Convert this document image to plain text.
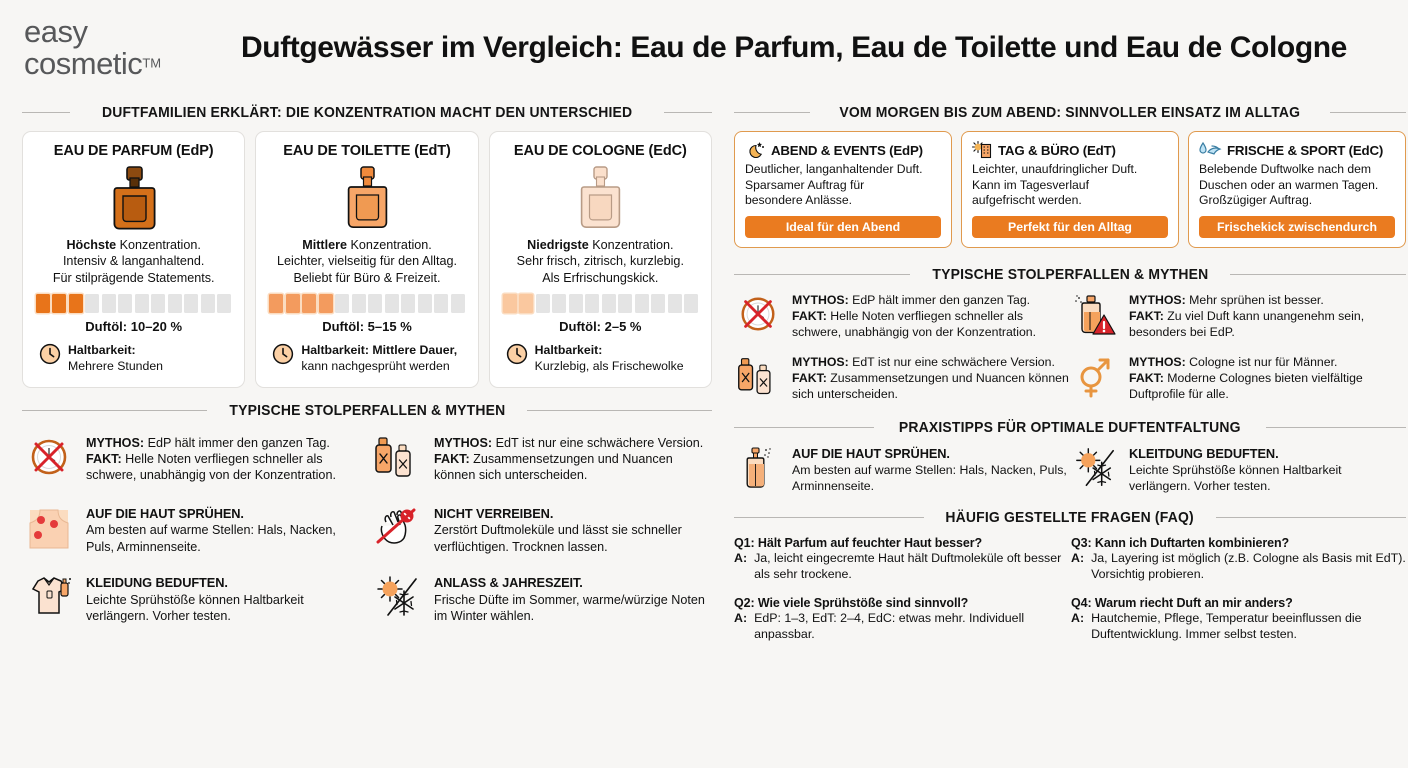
easy
cosmetic™	Duftgewässer im Vergleich: Eau de Parfum, Eau de Toilette und Eau de Cologne
DUFTFAMILIEN ERKLÄRT: DIE KONZENTRATION MACHT DEN UNTERSCHIED
EAU DE PARFUM (EdP)
Höchste Konzentration.
Intensiv & langanhaltend.
Für stilprägende Statements.
Duftöl: 10–20 %
Haltbarkeit:
Mehrere Stunden
EAU DE TOILETTE (EdT)
Mittlere Konzentration.
Leichter, vielseitig für den Alltag.
Beliebt für Büro & Freizeit.
Duftöl: 5–15 %
Haltbarkeit: Mittlere Dauer,
kann nachgesprüht werden
EAU DE COLOGNE (EdC)
Niedrigste Konzentration.
Sehr frisch, zitrisch, kurzlebig.
Als Erfrischungskick.
Duftöl: 2–5 %
Haltbarkeit:
Kurzlebig, als Frischewolke
TYPISCHE STOLPERFALLEN & MYTHEN
MYTHOS: EdP hält immer den ganzen Tag.
FAKT: Helle Noten verfliegen schneller als schwere, unabhängig von der Konzentration.
MYTHOS: EdT ist nur eine schwächere Version. FAKT: Zusammensetzungen und Nuancen können sich unterscheiden.
AUF DIE HAUT SPRÜHEN.
Am besten auf warme Stellen: Hals, Nacken, Puls, Arminnenseite.
NICHT VERREIBEN.
Zerstört Duftmoleküle und lässt sie schneller verflüchtigen. Trocknen lassen.
KLEIDUNG BEDUFTEN.
Leichte Sprühstöße können Haltbarkeit verlängern. Vorher testen.
ANLASS & JAHRESZEIT.
Frische Düfte im Sommer, warme/würzige Noten im Winter wählen.
VOM MORGEN BIS ZUM ABEND: SINNVOLLER EINSATZ IM ALLTAG
ABEND & EVENTS (EdP)
Deutlicher, langanhaltender Duft.
Sparsamer Auftrag für
besondere Anlässe.
Ideal für den Abend
TAG & BÜRO (EdT)
Leichter, unaufdringlicher Duft.
Kann im Tagesverlauf
aufgefrischt werden.
Perfekt für den Alltag
FRISCHE & SPORT (EdC)
Belebende Duftwolke nach dem
Duschen oder an warmen Tagen.
Großzügiger Auftrag.
Frischekick zwischendurch
TYPISCHE STOLPERFALLEN & MYTHEN
MYTHOS: EdP hält immer den ganzen Tag.
FAKT: Helle Noten verfliegen schneller als schwere, unabhängig von der Konzentration.
MYTHOS: Mehr sprühen ist besser.
FAKT: Zu viel Duft kann unangenehm sein, besonders bei EdP.
MYTHOS: EdT ist nur eine schwächere Version.
FAKT: Zusammensetzungen und Nuancen können sich unterscheiden.
MYTHOS: Cologne ist nur für Männer.
FAKT: Moderne Colognes bieten vielfältige Duftprofile für alle.
PRAXISTIPPS FÜR OPTIMALE DUFTENTFALTUNG
AUF DIE HAUT SPRÜHEN.
Am besten auf warme Stellen: Hals, Nacken, Puls, Arminnenseite.
KLEITDUNG BEDUFTEN.
Leichte Sprühstöße können Haltbarkeit verlängern. Vorher testen.
HÄUFIG GESTELLTE FRAGEN (FAQ)
Q1: Hält Parfum auf feuchter Haut besser?
A: Ja, leicht eingecremte Haut hält Duftmoleküle oft besser als sehr trockene.
Q3: Kann ich Duftarten kombinieren?
A: Ja, Layering ist möglich (z.B. Cologne als Basis mit EdT). Vorsichtig probieren.
Q2: Wie viele Sprühstöße sind sinnvoll?
A: EdP: 1–3, EdT: 2–4, EdC: etwas mehr. Individuell anpassbar.
Q4: Warum riecht Duft an mir anders?
A: Hautchemie, Pflege, Temperatur beeinflussen die Duftentwicklung. Immer selbst testen.
